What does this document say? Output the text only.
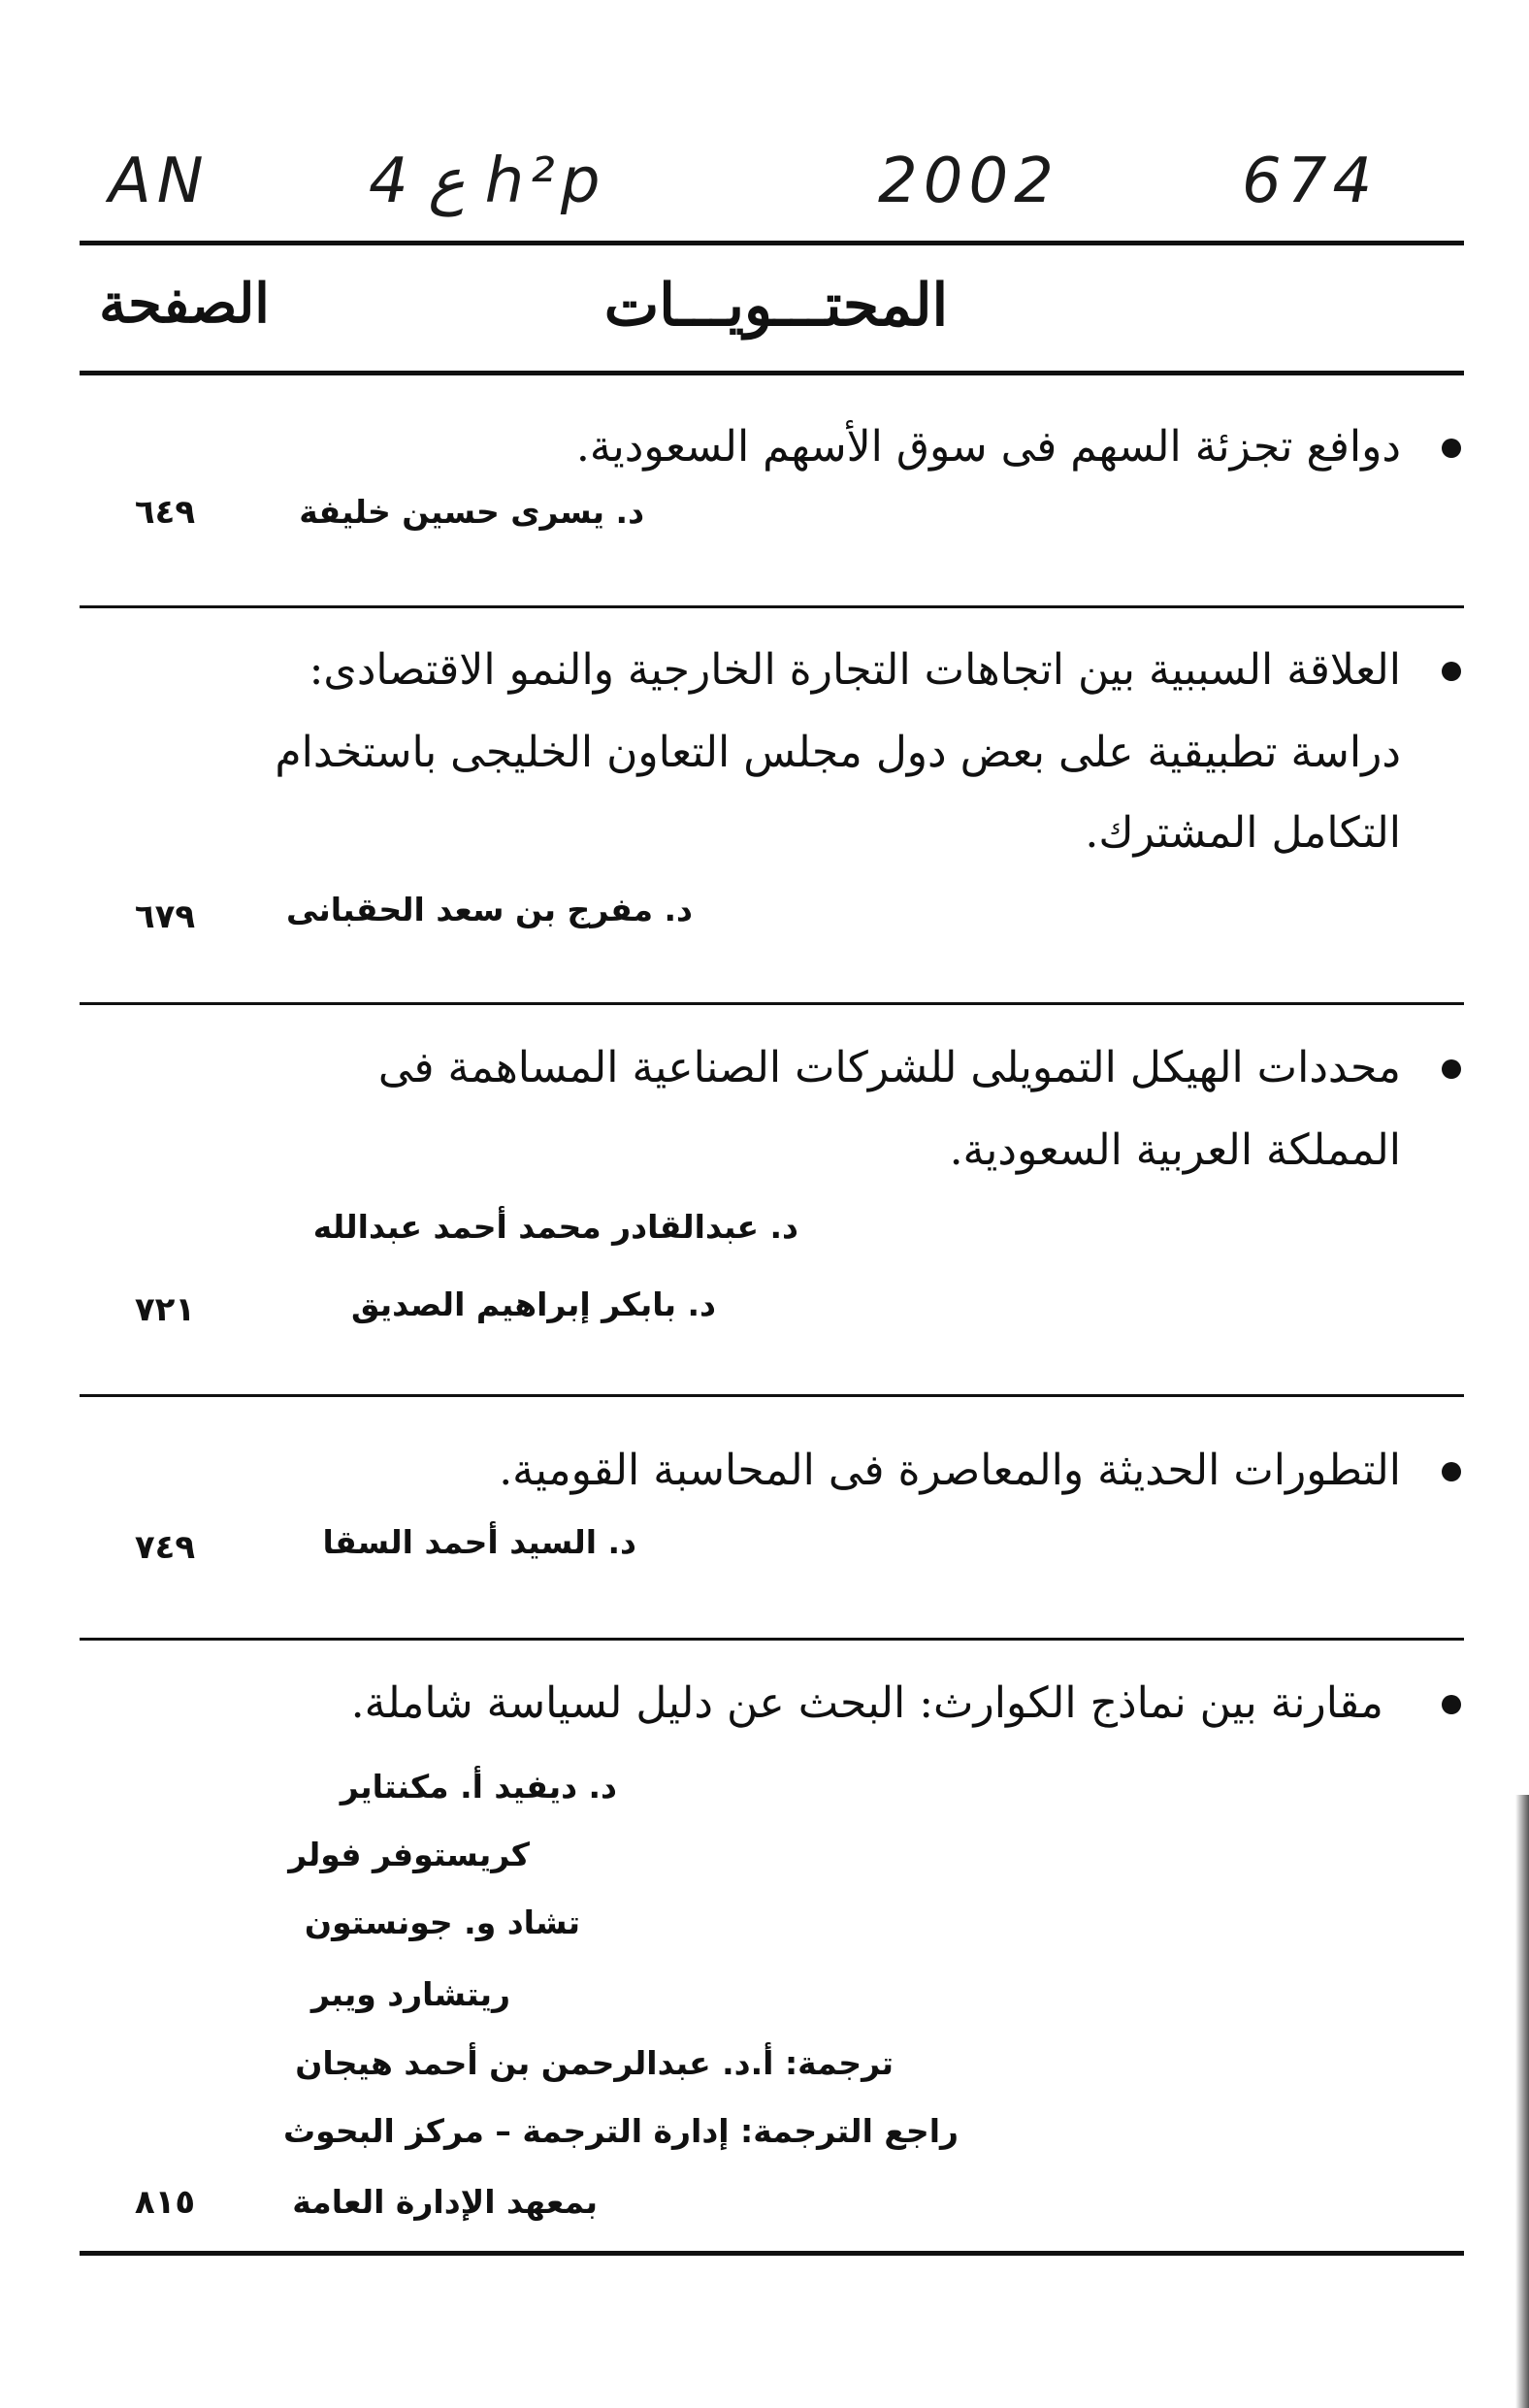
AN	4 ع h²p	2002	674
المحتـــويـــات
الصفحة
دوافع تجزئة السهم فى سوق الأسهم السعودية.
د. يسرى حسين خليفة
٦٤٩
العلاقة السببية بين اتجاهات التجارة الخارجية والنمو الاقتصادى:
دراسة تطبيقية على بعض دول مجلس التعاون الخليجى باستخدام
التكامل المشترك.
د. مفرج بن سعد الحقبانى
٦٧٩
محددات الهيكل التمويلى للشركات الصناعية المساهمة فى
المملكة العربية السعودية.
د. عبدالقادر محمد أحمد عبدالله
د. بابكر إبراهيم الصديق
٧٢١
التطورات الحديثة والمعاصرة فى المحاسبة القومية.
د. السيد أحمد السقا
٧٤٩
مقارنة بين نماذج الكوارث: البحث عن دليل لسياسة شاملة.
د. ديفيد أ. مكنتاير
كريستوفر فولر
تشاد و. جونستون
ريتشارد ويبر
ترجمة: أ.د. عبدالرحمن بن أحمد هيجان
راجع الترجمة: إدارة الترجمة – مركز البحوث
بمعهد الإدارة العامة
٨١٥
